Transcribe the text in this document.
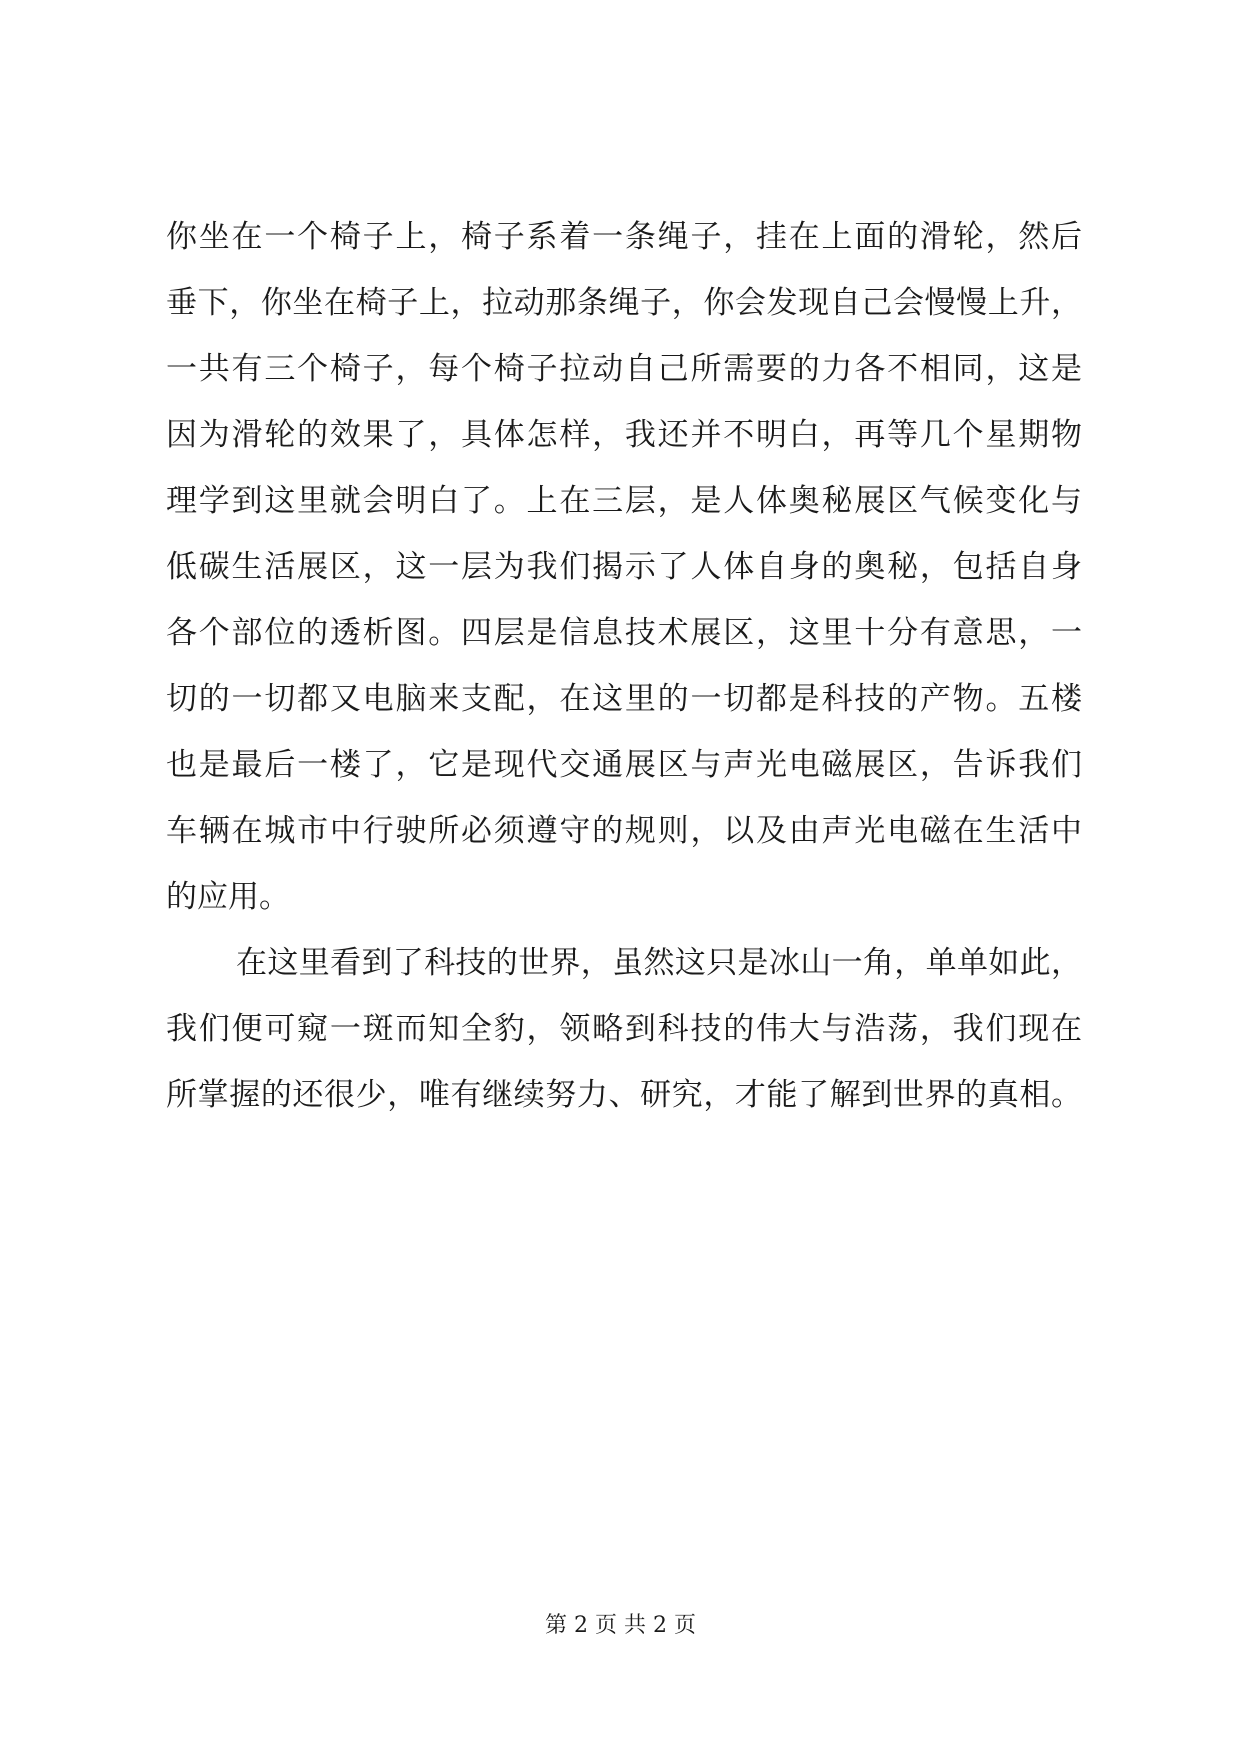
你坐在一个椅子上，椅子系着一条绳子，挂在上面的滑轮，然后
垂下，你坐在椅子上，拉动那条绳子，你会发现自己会慢慢上升，
一共有三个椅子，每个椅子拉动自己所需要的力各不相同，这是
因为滑轮的效果了，具体怎样，我还并不明白，再等几个星期物
理学到这里就会明白了。上在三层，是人体奥秘展区气候变化与
低碳生活展区，这一层为我们揭示了人体自身的奥秘，包括自身
各个部位的透析图。四层是信息技术展区，这里十分有意思，一
切的一切都又电脑来支配，在这里的一切都是科技的产物。五楼
也是最后一楼了，它是现代交通展区与声光电磁展区，告诉我们
车辆在城市中行驶所必须遵守的规则，以及由声光电磁在生活中
的应用。
在这里看到了科技的世界，虽然这只是冰山一角，单单如此，
我们便可窥一斑而知全豹，领略到科技的伟大与浩荡，我们现在
所掌握的还很少，唯有继续努力、研究，才能了解到世界的真相。
第 2 页 共 2 页
